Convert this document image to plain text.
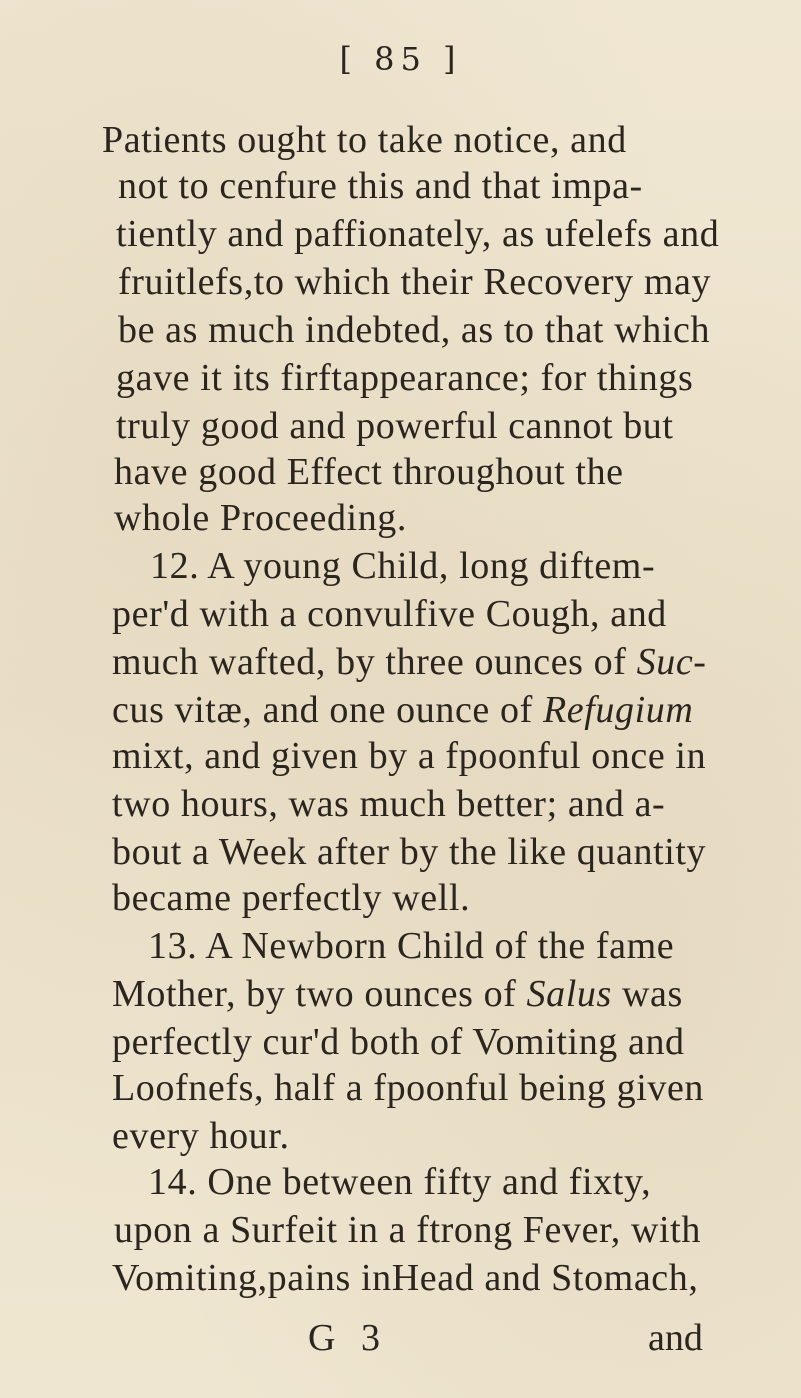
[ 85 ]
Patients ought to take notice, and
not to cenfure this and that impa-
tiently and paffionately, as ufelefs and
fruitlefs,to which their Recovery may
be as much indebted, as to that which
gave it its firftappearance; for things
truly good and powerful cannot but
have good Effect throughout the
whole Proceeding.
12. A young Child, long diftem-
per'd with a convulfive Cough, and
much wafted, by three ounces of Suc-
cus vitæ, and one ounce of Refugium
mixt, and given by a fpoonful once in
two hours, was much better; and a-
bout a Week after by the like quantity
became perfectly well.
13. A Newborn Child of the fame
Mother, by two ounces of Salus was
perfectly cur'd both of Vomiting and
Loofnefs, half a fpoonful being given
every hour.
14. One between fifty and fixty,
upon a Surfeit in a ftrong Fever, with
Vomiting,pains inHead and Stomach,
G 3	and
